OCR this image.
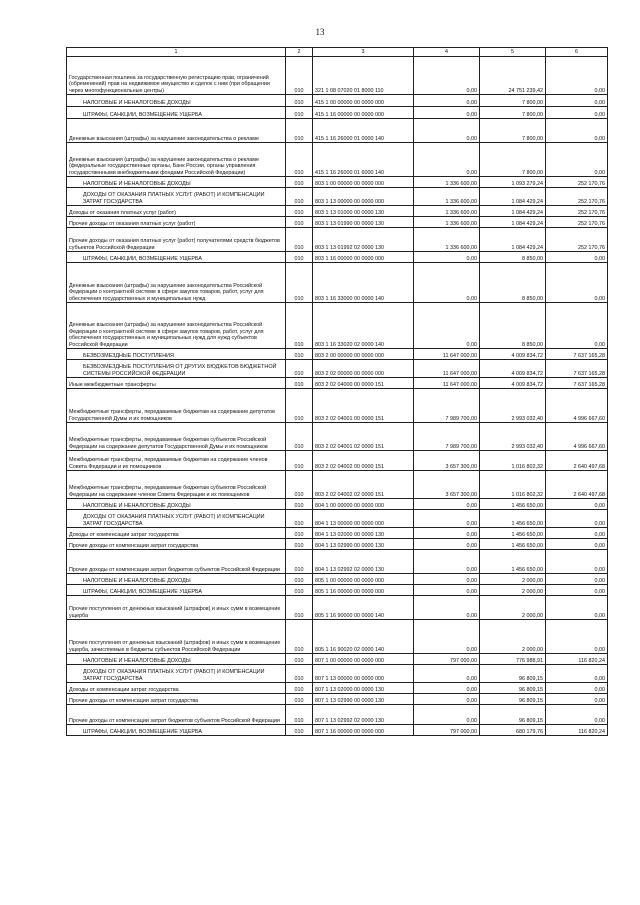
13
1	2	3	4	5	6
Государственная пошлина за государственную регистрацию прав, ограничений (обременений) прав на недвижимое имущество и сделок с ним (при обращении через многофункциональные центры)	010	321 1 08 07020 01 8000 110	0,00	24 751 239,42	0,00
НАЛОГОВЫЕ И НЕНАЛОГОВЫЕ ДОХОДЫ	010	415 1 00 00000 00 0000 000	0,00	7 800,00	0,00
ШТРАФЫ, САНКЦИИ, ВОЗМЕЩЕНИЕ УЩЕРБА	010	415 1 16 00000 00 0000 000	0,00	7 800,00	0,00
Денежные взыскания (штрафы) за нарушение законодательства о рекламе	010	415 1 16 26000 01 0000 140	0,00	7 800,00	0,00
Денежные взыскания (штрафы) за нарушение законодательства о рекламе (федеральные государственные органы, Банк России, органы управления государственными внебюджетными фондами Российской Федерации)	010	415 1 16 26000 01 6000 140	0,00	7 800,00	0,00
НАЛОГОВЫЕ И НЕНАЛОГОВЫЕ ДОХОДЫ	010	803 1 00 00000 00 0000 000	1 336 600,00	1 093 279,24	252 170,76
ДОХОДЫ ОТ ОКАЗАНИЯ ПЛАТНЫХ УСЛУГ (РАБОТ) И КОМПЕНСАЦИИ ЗАТРАТ ГОСУДАРСТВА	010	803 1 13 00000 00 0000 000	1 336 600,00	1 084 429,24	252 170,76
Доходы от оказания платных услуг (работ)	010	803 1 13 01000 00 0000 130	1 336 600,00	1 084 429,24	252 170,76
Прочие доходы от оказания платных услуг (работ)	010	803 1 13 01990 00 0000 130	1 336 600,00	1 084 429,24	252 170,76
Прочие доходы от оказания платных услуг (работ) получателями средств бюджетов субъектов Российской Федерации	010	803 1 13 01992 02 0000 130	1 336 600,00	1 084 429,24	252 170,76
ШТРАФЫ, САНКЦИИ, ВОЗМЕЩЕНИЕ УЩЕРБА	010	803 1 16 00000 00 0000 000	0,00	8 850,00	0,00
Денежные взыскания (штрафы) за нарушение законодательства Российской Федерации о контрактной системе в сфере закупок товаров, работ, услуг для обеспечения государственных и муниципальных нужд	010	803 1 16 33000 00 0000 140	0,00	8 850,00	0,00
Денежные взыскания (штрафы) за нарушение законодательства Российской Федерации о контрактной системе в сфере закупок товаров, работ, услуг для обеспечения государственных и муниципальных нужд для нужд субъектов Российской Федерации	010	803 1 16 33020 02 0000 140	0,00	8 850,00	0,00
БЕЗВОЗМЕЗДНЫЕ ПОСТУПЛЕНИЯ	010	803 2 00 00000 00 0000 000	11 647 000,00	4 009 834,72	7 637 165,28
БЕЗВОЗМЕЗДНЫЕ ПОСТУПЛЕНИЯ ОТ ДРУГИХ БЮДЖЕТОВ БЮДЖЕТНОЙ СИСТЕМЫ РОССИЙСКОЙ ФЕДЕРАЦИИ	010	803 2 02 00000 00 0000 000	11 647 000,00	4 009 834,72	7 637 165,28
Иные межбюджетные трансферты	010	803 2 02 04000 00 0000 151	11 647 000,00	4 009 834,72	7 637 165,28
Межбюджетные трансферты, передаваемые бюджетам на содержание депутатов Государственной Думы и их помощников	010	803 2 02 04001 00 0000 151	7 989 700,00	2 993 032,40	4 996 667,60
Межбюджетные трансферты, передаваемые бюджетам субъектов Российской Федерации на содержание депутатов Государственной Думы и их помощников	010	803 2 02 04001 02 0000 151	7 989 700,00	2 993 032,40	4 996 667,60
Межбюджетные трансферты, передаваемые бюджетам на содержание членов Совета Федерации и их помощников	010	803 2 02 04002 00 0000 151	3 657 300,00	1 016 802,32	2 640 497,68
Межбюджетные трансферты, передаваемые бюджетам субъектов Российской Федерации на содержание членов Совета Федерации и их помощников	010	803 2 02 04002 02 0000 151	3 657 300,00	1 016 802,32	2 640 497,68
НАЛОГОВЫЕ И НЕНАЛОГОВЫЕ ДОХОДЫ	010	804 1 00 00000 00 0000 000	0,00	1 456 650,00	0,00
ДОХОДЫ ОТ ОКАЗАНИЯ ПЛАТНЫХ УСЛУГ (РАБОТ) И КОМПЕНСАЦИИ ЗАТРАТ ГОСУДАРСТВА	010	804 1 13 00000 00 0000 000	0,00	1 456 650,00	0,00
Доходы от компенсации затрат государства	010	804 1 13 02000 00 0000 130	0,00	1 456 650,00	0,00
Прочие доходы от компенсации затрат государства	010	804 1 13 02990 00 0000 130	0,00	1 456 650,00	0,00
Прочие доходы от компенсации затрат бюджетов субъектов Российской Федерации	010	804 1 13 02992 02 0000 130	0,00	1 456 650,00	0,00
НАЛОГОВЫЕ И НЕНАЛОГОВЫЕ ДОХОДЫ	010	805 1 00 00000 00 0000 000	0,00	2 000,00	0,00
ШТРАФЫ, САНКЦИИ, ВОЗМЕЩЕНИЕ УЩЕРБА	010	805 1 16 00000 00 0000 000	0,00	2 000,00	0,00
Прочие поступления от денежных взысканий (штрафов) и иных сумм в возмещение ущерба	010	805 1 16 90000 00 0000 140	0,00	2 000,00	0,00
Прочие поступления от денежных взысканий (штрафов) и иных сумм в возмещение ущерба, зачисляемые в бюджеты субъектов Российской Федерации	010	805 1 16 90020 02 0000 140	0,00	2 000,00	0,00
НАЛОГОВЫЕ И НЕНАЛОГОВЫЕ ДОХОДЫ	010	807 1 00 00000 00 0000 000	797 000,00	776 988,91	116 820,24
ДОХОДЫ ОТ ОКАЗАНИЯ ПЛАТНЫХ УСЛУГ (РАБОТ) И КОМПЕНСАЦИИ ЗАТРАТ ГОСУДАРСТВА	010	807 1 13 00000 00 0000 000	0,00	96 809,15	0,00
Доходы от компенсации затрат государства	010	807 1 13 02000 00 0000 130	0,00	96 809,15	0,00
Прочие доходы от компенсации затрат государства	010	807 1 13 02990 00 0000 130	0,00	96 809,15	0,00
Прочие доходы от компенсации затрат бюджетов субъектов Российской Федерации	010	807 1 13 02992 02 0000 130	0,00	96 809,15	0,00
ШТРАФЫ, САНКЦИИ, ВОЗМЕЩЕНИЕ УЩЕРБА	010	807 1 16 00000 00 0000 000	797 000,00	680 179,76	116 820,24
